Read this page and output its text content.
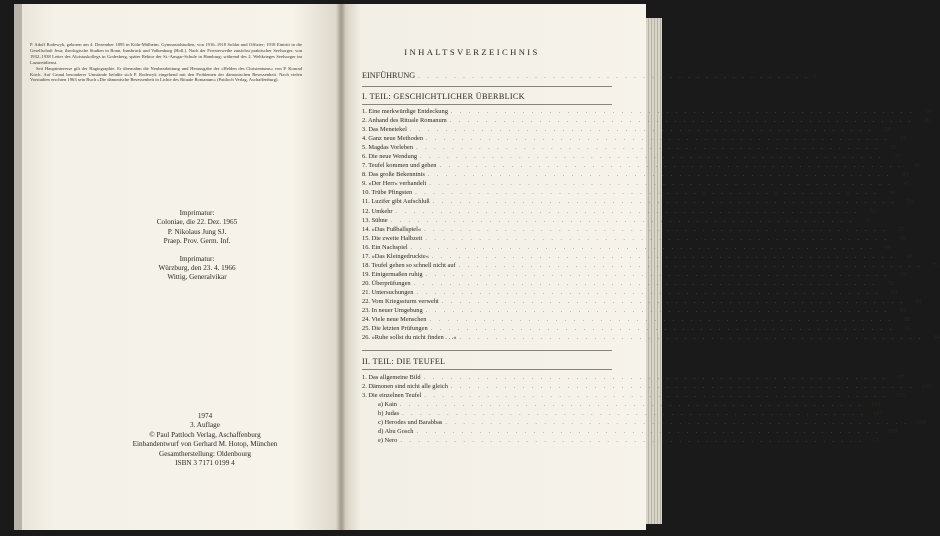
P. Adolf Rodewyk, geboren am 4. Dezember 1895 in Köln-Mülheim. Gymnasialstudien, von 1916–1918 Soldat und Offizier; 1918 Eintritt in die Gesellschaft Jesu; theologische Studien in Bonn, Innsbruck und Valkenburg (Holl.). Nach der Priesterweihe zunächst praktischer Seelsorger, von 1932–1938 Leiter des Aloisiuskollegs in Godesberg, später Rektor der St.-Ansgar-Schule in Hamburg; während des 2. Weltkrieges Seelsorger im Lazarettdienst.

Seit Hauptinteresse gilt der Hagiographie. Er übernahm die Neubearbeitung und Herausgabe der »Helden des Christentums« von P. Konrad Kirch. Auf Grund besonderer Umstände befaßte sich P. Rodewyk eingehend mit den Problemen der dämonischen Besessenheit. Nach vielen Vorstudien erschien 1963 sein Buch »Die dämonische Besessenheit in Lichte des Rituale Romanum« (Pattloch Verlag, Aschaffenburg).

Imprimatur:
Coloniae, die 22. Dez. 1965
P. Nikolaus Jung SJ.
Praep. Prov. Germ. Inf.
Imprimatur:
Würzburg, den 23. 4. 1966
Wittig, Generalvikar
1974
3. Auflage
© Paul Pattloch Verlag, Aschaffenburg
Einbandentwurf von Gerhard M. Hotop, München
Gesamtherstellung: Oldenbourg
ISBN 3 7171 0199 4
INHALTSVERZEICHNIS
EINFÜHRUNG . . . . . . . . . . . . . . . . . . . . . . . . . . . . . . . . . . . . . . . . . . . . 5
I. TEIL: GESCHICHTLICHER ÜBERBLICK
1. Eine merkwürdige Entdeckung . . . . . . . . . . . . . . . . . . . . . . . . . . . . . . . . . . . . . . . . . . . . . . . . . . . .	18
2. Anhand des Rituale Romanum . . . . . . . . . . . . . . . . . . . . . . . . . . . . . . . . . . . . . . . . . . . . . . . . . . . .	20
3. Das Menetekel . . . . . . . . . . . . . . . . . . . . . . . . . . . . . . . . . . . . . . . . . . . . . . . . . . . .	24
4. Ganz neue Methoden . . . . . . . . . . . . . . . . . . . . . . . . . . . . . . . . . . . . . . . . . . . . . . . . . . . .	26
5. Magdas Vorleben . . . . . . . . . . . . . . . . . . . . . . . . . . . . . . . . . . . . . . . . . . . . . . . . . . . .	31
6. Die neue Wendung . . . . . . . . . . . . . . . . . . . . . . . . . . . . . . . . . . . . . . . . . . . . . . . . . . . .	37
7. Teufel kommen und gehen . . . . . . . . . . . . . . . . . . . . . . . . . . . . . . . . . . . . . . . . . . . . . . . . . . . .	40
8. Das große Bekenntnis . . . . . . . . . . . . . . . . . . . . . . . . . . . . . . . . . . . . . . . . . . . . . . . . . . . .	43
9. »Der Herr« verhandelt . . . . . . . . . . . . . . . . . . . . . . . . . . . . . . . . . . . . . . . . . . . . . . . . . . . .	45
10. Trübe Pfingsten . . . . . . . . . . . . . . . . . . . . . . . . . . . . . . . . . . . . . . . . . . . . . . . . . . . .	48
11. Luzifer gibt Aufschluß . . . . . . . . . . . . . . . . . . . . . . . . . . . . . . . . . . . . . . . . . . . . . . . . . . . .	50
12. Umkehr . . . . . . . . . . . . . . . . . . . . . . . . . . . . . . . . . . . . . . . . . . . . . . . . . . . .	53
13. Sühne . . . . . . . . . . . . . . . . . . . . . . . . . . . . . . . . . . . . . . . . . . . . . . . . . . . .	56
14. »Das Fußballspiel« . . . . . . . . . . . . . . . . . . . . . . . . . . . . . . . . . . . . . . . . . . . . . . . . . . . .	57
15. Die zweite Halbzeit . . . . . . . . . . . . . . . . . . . . . . . . . . . . . . . . . . . . . . . . . . . . . . . . . . . .	59
16. Ein Nachspiel . . . . . . . . . . . . . . . . . . . . . . . . . . . . . . . . . . . . . . . . . . . . . . . . . . . .	66
17. »Das Kleingedruckte« . . . . . . . . . . . . . . . . . . . . . . . . . . . . . . . . . . . . . . . . . . . . . . . . . . . .	68
18. Teufel gehen so schnell nicht auf . . . . . . . . . . . . . . . . . . . . . . . . . . . . . . . . . . . . . . . . . . . . . . . . . . . .	72
19. Einigermaßen ruhig . . . . . . . . . . . . . . . . . . . . . . . . . . . . . . . . . . . . . . . . . . . . . . . . . . . .	74
20. Überprüfungen . . . . . . . . . . . . . . . . . . . . . . . . . . . . . . . . . . . . . . . . . . . . . . . . . . . .	76
21. Untersuchungen . . . . . . . . . . . . . . . . . . . . . . . . . . . . . . . . . . . . . . . . . . . . . . . . . . . .	80
22. Vom Kriegssturm verweht . . . . . . . . . . . . . . . . . . . . . . . . . . . . . . . . . . . . . . . . . . . . . . . . . . . .	81
23. In neuer Umgebung . . . . . . . . . . . . . . . . . . . . . . . . . . . . . . . . . . . . . . . . . . . . . . . . . . . .	84
24. Viele neue Menschen . . . . . . . . . . . . . . . . . . . . . . . . . . . . . . . . . . . . . . . . . . . . . . . . . . . .	88
25. Die letzten Prüfungen . . . . . . . . . . . . . . . . . . . . . . . . . . . . . . . . . . . . . . . . . . . . . . . . . . . .	91
26. »Ruhe sollst du nicht finden . . .« . . . . . . . . . . . . . . . . . . . . . . . . . . . . . . . . . . . . . . . . . . . . . . . . . . . .	94
II. TEIL: DIE TEUFEL
1. Das allgemeine Bild . . . . . . . . . . . . . . . . . . . . . . . . . . . . . . . . . . . . . . . . . . . . . . . . . . . .	97
2. Dämonen sind nicht alle gleich . . . . . . . . . . . . . . . . . . . . . . . . . . . . . . . . . . . . . . . . . . . . . . . . . . . .	100
3. Die einzelnen Teufel . . . . . . . . . . . . . . . . . . . . . . . . . . . . . . . . . . . . . . . . . . . . . . . . . . . .	103
a) Kain . . . . . . . . . . . . . . . . . . . . . . . . . . . . . . . . . . . . . . . . . . . . . . . . . . . .	105
b) Judas . . . . . . . . . . . . . . . . . . . . . . . . . . . . . . . . . . . . . . . . . . . . . . . . . . . .	107
c) Herodes und Barabbas . . . . . . . . . . . . . . . . . . . . . . . . . . . . . . . . . . . . . . . . . . . . . . . . . . . .	108
d) Abu Gosch . . . . . . . . . . . . . . . . . . . . . . . . . . . . . . . . . . . . . . . . . . . . . . . . . . . .	109
e) Nero . . . . . . . . . . . . . . . . . . . . . . . . . . . . . . . . . . . . . . . . . . . . . . . . . . . .	110
